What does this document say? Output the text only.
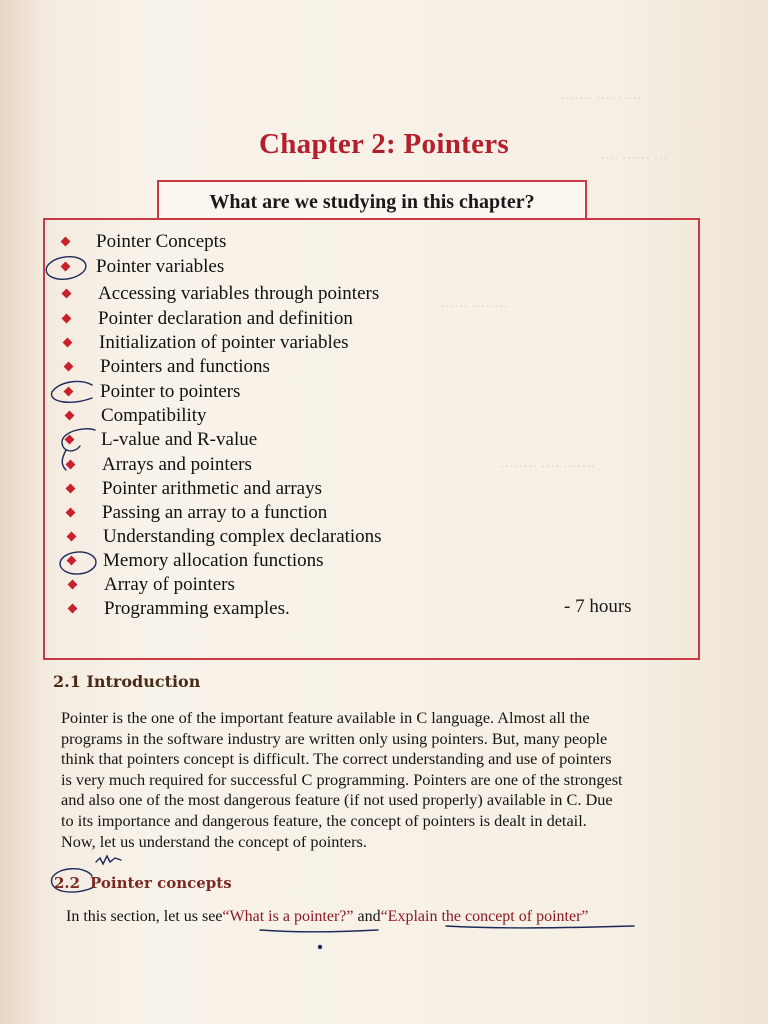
······· ···· ·····
···· ······ ···
······ ········
········ ···· ·······
Chapter 2: Pointers
What are we studying in this chapter?
Pointer Concepts
Pointer variables
Accessing variables through pointers
Pointer declaration and definition
Initialization of pointer variables
Pointers and functions
Pointer to pointers
Compatibility
L-value and R-value
Arrays and pointers
Pointer arithmetic and arrays
Passing an array to a function
Understanding complex declarations
Memory allocation functions
Array of pointers
Programming examples.	- 7 hours
2.1 Introduction
Pointer is the one of the important feature available in C language. Almost all the
programs in the software industry are written only using pointers. But, many people
think that pointers concept is difficult. The correct understanding and use of pointers
is very much required for successful C programming. Pointers are one of the strongest
and also one of the most dangerous feature (if not used properly) available in C. Due
to its importance and dangerous feature, the concept of pointers is dealt in detail.
Now, let us understand the concept of pointers.
2.2 Pointer concepts
In this section, let us see“What is a pointer?” and“Explain the concept of pointer”
